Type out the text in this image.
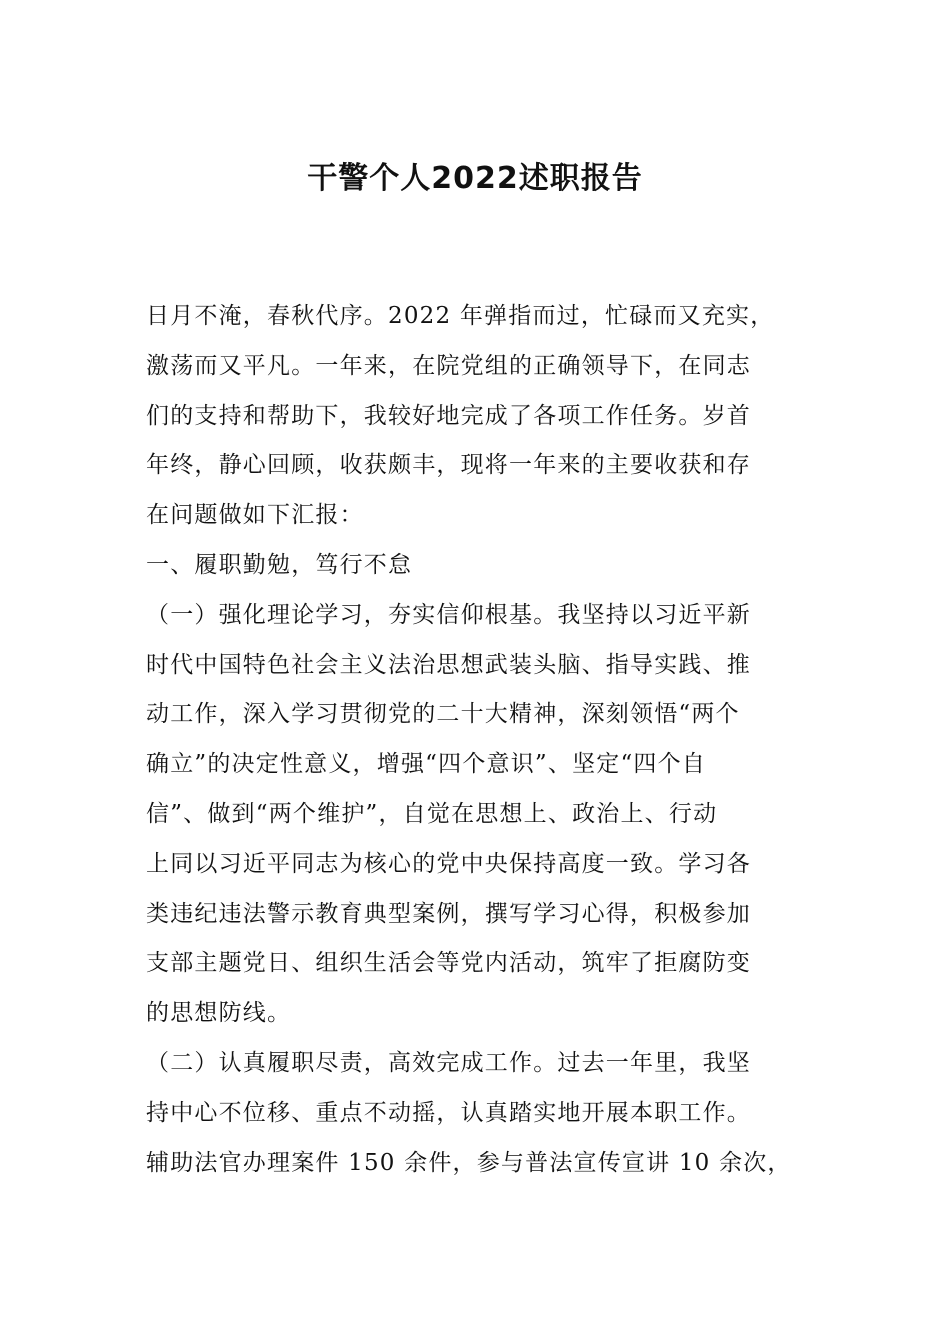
干警个人2022述职报告
日月不淹，春秋代序。2022 年弹指而过，忙碌而又充实，
激荡而又平凡。一年来，在院党组的正确领导下，在同志
们的支持和帮助下，我较好地完成了各项工作任务。岁首
年终，静心回顾，收获颇丰，现将一年来的主要收获和存
在问题做如下汇报：
一、履职勤勉，笃行不怠
（一）强化理论学习，夯实信仰根基。我坚持以习近平新
时代中国特色社会主义法治思想武装头脑、指导实践、推
动工作，深入学习贯彻党的二十大精神，深刻领悟“两个
确立”的决定性意义，增强“四个意识”、坚定“四个自
信”、做到“两个维护”，自觉在思想上、政治上、行动
上同以习近平同志为核心的党中央保持高度一致。学习各
类违纪违法警示教育典型案例，撰写学习心得，积极参加
支部主题党日、组织生活会等党内活动，筑牢了拒腐防变
的思想防线。
（二）认真履职尽责，高效完成工作。过去一年里，我坚
持中心不位移、重点不动摇，认真踏实地开展本职工作。
辅助法官办理案件 150 余件，参与普法宣传宣讲 10 余次，
